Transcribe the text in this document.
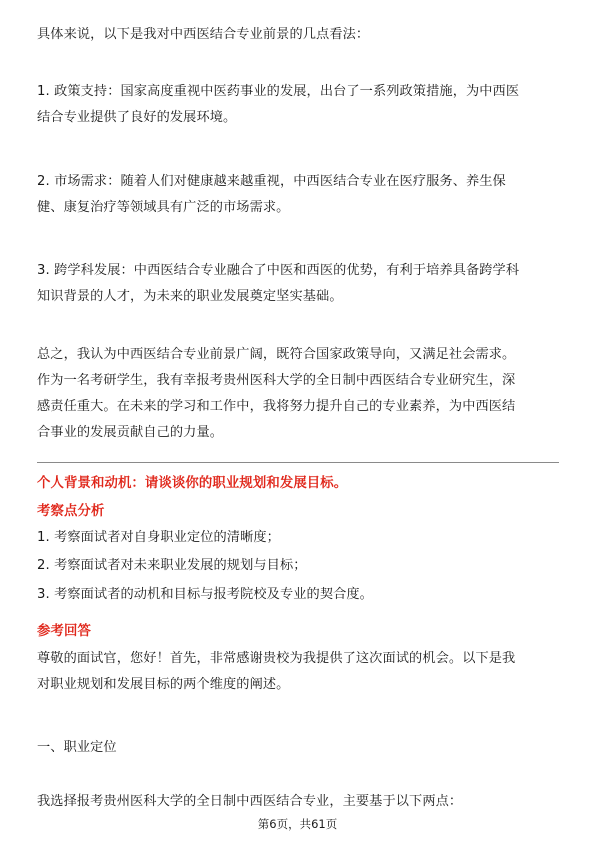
具体来说，以下是我对中西医结合专业前景的几点看法：
1. 政策支持：国家高度重视中医药事业的发展，出台了一系列政策措施，为中西医
结合专业提供了良好的发展环境。
2. 市场需求：随着人们对健康越来越重视，中西医结合专业在医疗服务、养生保
健、康复治疗等领域具有广泛的市场需求。
3. 跨学科发展：中西医结合专业融合了中医和西医的优势，有利于培养具备跨学科
知识背景的人才，为未来的职业发展奠定坚实基础。
总之，我认为中西医结合专业前景广阔，既符合国家政策导向，又满足社会需求。
作为一名考研学生，我有幸报考贵州医科大学的全日制中西医结合专业研究生，深
感责任重大。在未来的学习和工作中，我将努力提升自己的专业素养，为中西医结
合事业的发展贡献自己的力量。
个人背景和动机：请谈谈你的职业规划和发展目标。
考察点分析
1. 考察面试者对自身职业定位的清晰度；
2. 考察面试者对未来职业发展的规划与目标；
3. 考察面试者的动机和目标与报考院校及专业的契合度。
参考回答
尊敬的面试官，您好！首先，非常感谢贵校为我提供了这次面试的机会。以下是我
对职业规划和发展目标的两个维度的阐述。
一、职业定位
我选择报考贵州医科大学的全日制中西医结合专业，主要基于以下两点：
第6页，共61页
